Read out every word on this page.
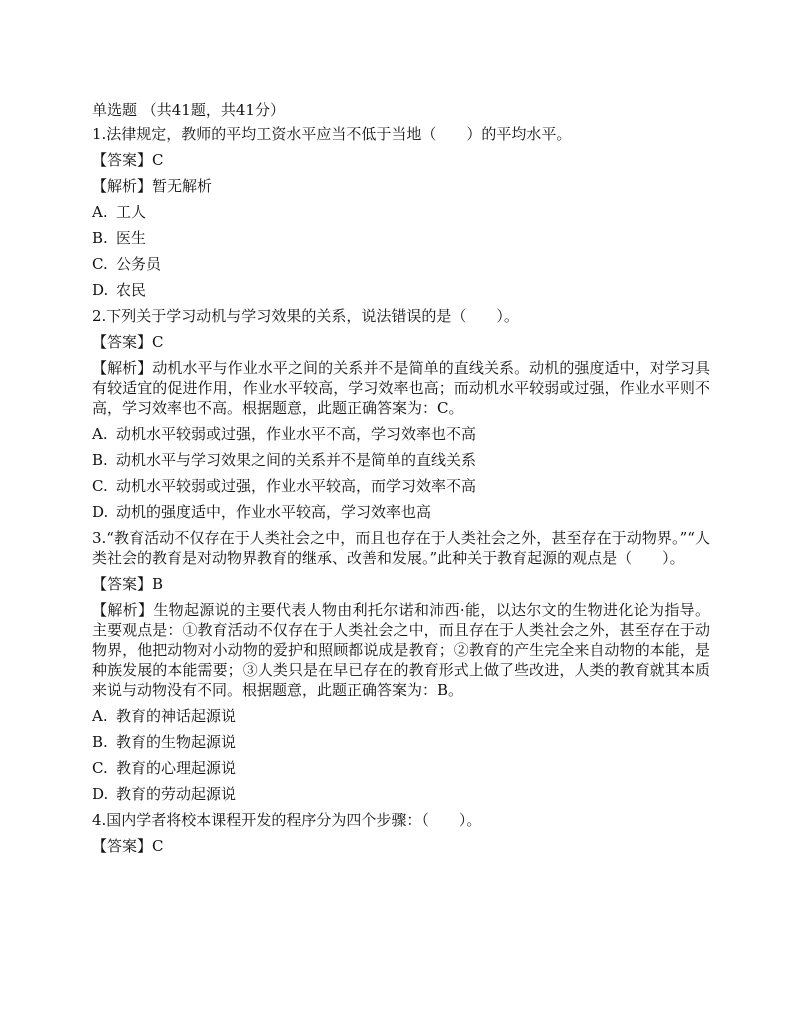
单选题 （共41题，共41分）
1.法律规定，教师的平均工资水平应当不低于当地（　　）的平均水平。
【答案】C
【解析】暂无解析
A. 工人
B. 医生
C. 公务员
D. 农民
2.下列关于学习动机与学习效果的关系，说法错误的是（　　）。
【答案】C
【解析】动机水平与作业水平之间的关系并不是简单的直线关系。动机的强度适中，对学习具有较适宜的促进作用，作业水平较高，学习效率也高；而动机水平较弱或过强，作业水平则不高，学习效率也不高。根据题意，此题正确答案为：C。
A. 动机水平较弱或过强，作业水平不高，学习效率也不高
B. 动机水平与学习效果之间的关系并不是简单的直线关系
C. 动机水平较弱或过强，作业水平较高，而学习效率不高
D. 动机的强度适中，作业水平较高，学习效率也高
3.“教育活动不仅存在于人类社会之中，而且也存在于人类社会之外，甚至存在于动物界。”“人类社会的教育是对动物界教育的继承、改善和发展。”此种关于教育起源的观点是（　　）。
【答案】B
【解析】生物起源说的主要代表人物由利托尔诺和沛西·能，以达尔文的生物进化论为指导。主要观点是：①教育活动不仅存在于人类社会之中，而且存在于人类社会之外，甚至存在于动物界，他把动物对小动物的爱护和照顾都说成是教育；②教育的产生完全来自动物的本能，是种族发展的本能需要；③人类只是在早已存在的教育形式上做了些改进，人类的教育就其本质来说与动物没有不同。根据题意，此题正确答案为：B。
A. 教育的神话起源说
B. 教育的生物起源说
C. 教育的心理起源说
D. 教育的劳动起源说
4.国内学者将校本课程开发的程序分为四个步骤：（　　）。
【答案】C
